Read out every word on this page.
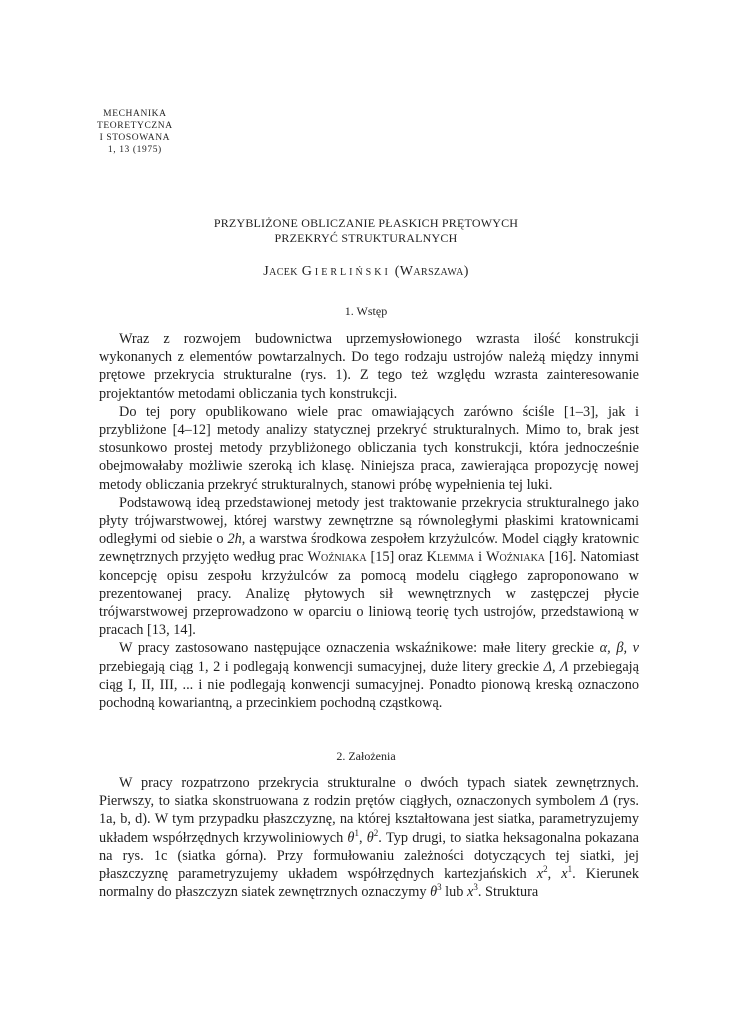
MECHANIKA
TEORETYCZNA
I STOSOWANA
1, 13 (1975)
PRZYBLIŻONE OBLICZANIE PŁASKICH PRĘTOWYCH
PRZEKRYĆ STRUKTURALNYCH
Jacek Gierliński (Warszawa)
1. Wstęp

Wraz z rozwojem budownictwa uprzemysłowionego wzrasta ilość konstrukcji wykonanych z elementów powtarzalnych. Do tego rodzaju ustrojów należą między innymi prętowe przekrycia strukturalne (rys. 1). Z tego też względu wzrasta zainteresowanie projektantów metodami obliczania tych konstrukcji.

Do tej pory opublikowano wiele prac omawiających zarówno ściśle [1–3], jak i przybliżone [4–12] metody analizy statycznej przekryć strukturalnych. Mimo to, brak jest stosunkowo prostej metody przybliżonego obliczania tych konstrukcji, która jednocześnie obejmowałaby możliwie szeroką ich klasę. Niniejsza praca, zawierająca propozycję nowej metody obliczania przekryć strukturalnych, stanowi próbę wypełnienia tej luki.

Podstawową ideą przedstawionej metody jest traktowanie przekrycia strukturalnego jako płyty trójwarstwowej, której warstwy zewnętrzne są równoległymi płaskimi kratownicami odległymi od siebie o 2h, a warstwa środkowa zespołem krzyżulców. Model ciągły kratownic zewnętrznych przyjęto według prac Woźniaka [15] oraz Klemma i Woźniaka [16]. Natomiast koncepcję opisu zespołu krzyżulców za pomocą modelu ciągłego zaproponowano w prezentowanej pracy. Analizę płytowych sił wewnętrznych w zastępczej płycie trójwarstwowej przeprowadzono w oparciu o liniową teorię tych ustrojów, przedstawioną w pracach [13, 14].

W pracy zastosowano następujące oznaczenia wskaźnikowe: małe litery greckie α, β, ν przebiegają ciąg 1, 2 i podlegają konwencji sumacyjnej, duże litery greckie Δ, Λ przebiegają ciąg I, II, III, ... i nie podlegają konwencji sumacyjnej. Ponadto pionową kreską oznaczono pochodną kowariantną, a przecinkiem pochodną cząstkową.

2. Założenia

W pracy rozpatrzono przekrycia strukturalne o dwóch typach siatek zewnętrznych. Pierwszy, to siatka skonstruowana z rodzin prętów ciągłych, oznaczonych symbolem Δ (rys. 1a, b, d). W tym przypadku płaszczyznę, na której kształtowana jest siatka, parametryzujemy układem współrzędnych krzywoliniowych $\theta^1$, $\theta^2$. Typ drugi, to siatka heksagonalna pokazana na rys. 1c (siatka górna). Przy formułowaniu zależności dotyczących tej siatki, jej płaszczyznę parametryzujemy układem współrzędnych kartezjańskich $x^2$, $x^1$. Kierunek normalny do płaszczyzn siatek zewnętrznych oznaczymy $\theta^3$ lub $x^3$. Struktura
